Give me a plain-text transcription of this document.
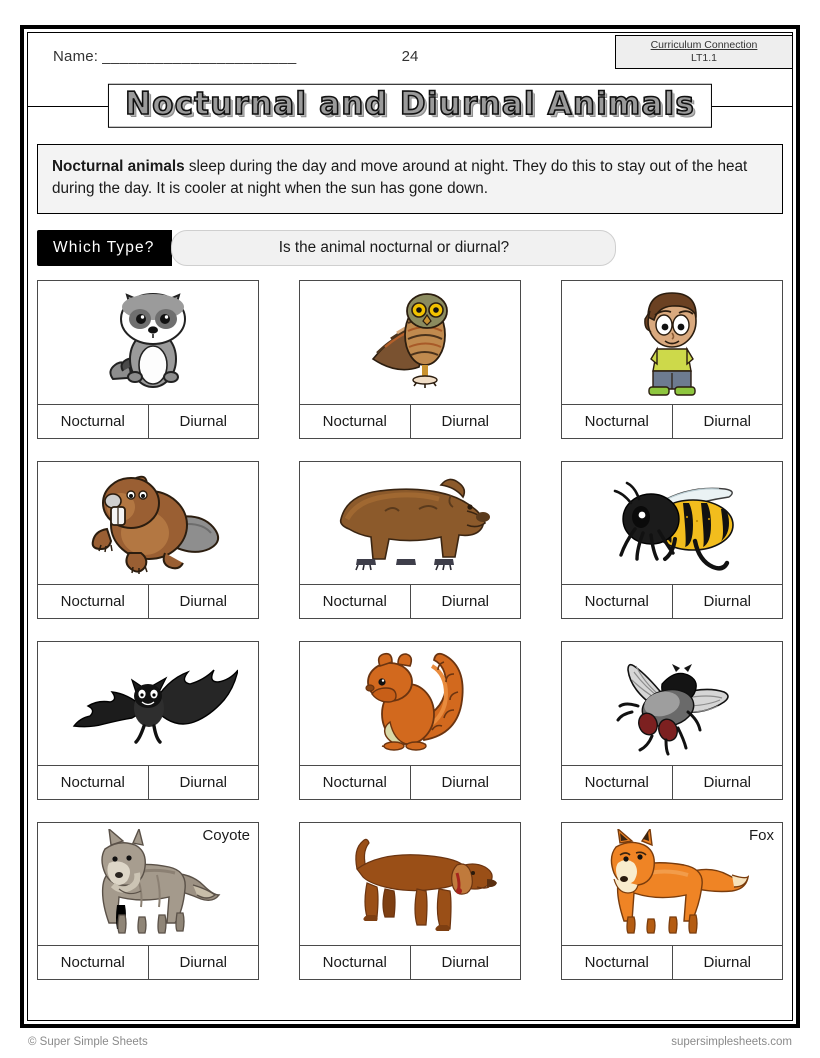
Name: ______________________	24
Curriculum Connection
LT1.1
Nocturnal and Diurnal Animals
Nocturnal animals sleep during the day and move around at night. They do this to stay out of the heat during the day. It is cooler at night when the sun has gone down.
Which Type?	Is the animal nocturnal or diurnal?
Nocturnal	Diurnal	Nocturnal	Diurnal	Nocturnal	Diurnal
Nocturnal	Diurnal	Nocturnal	Diurnal	Nocturnal	Diurnal
Nocturnal	Diurnal	Nocturnal	Diurnal	Nocturnal	Diurnal
Coyote
Nocturnal	Diurnal	Nocturnal	Diurnal
Fox
Nocturnal	Diurnal
© Super Simple Sheets	supersimplesheets.com
